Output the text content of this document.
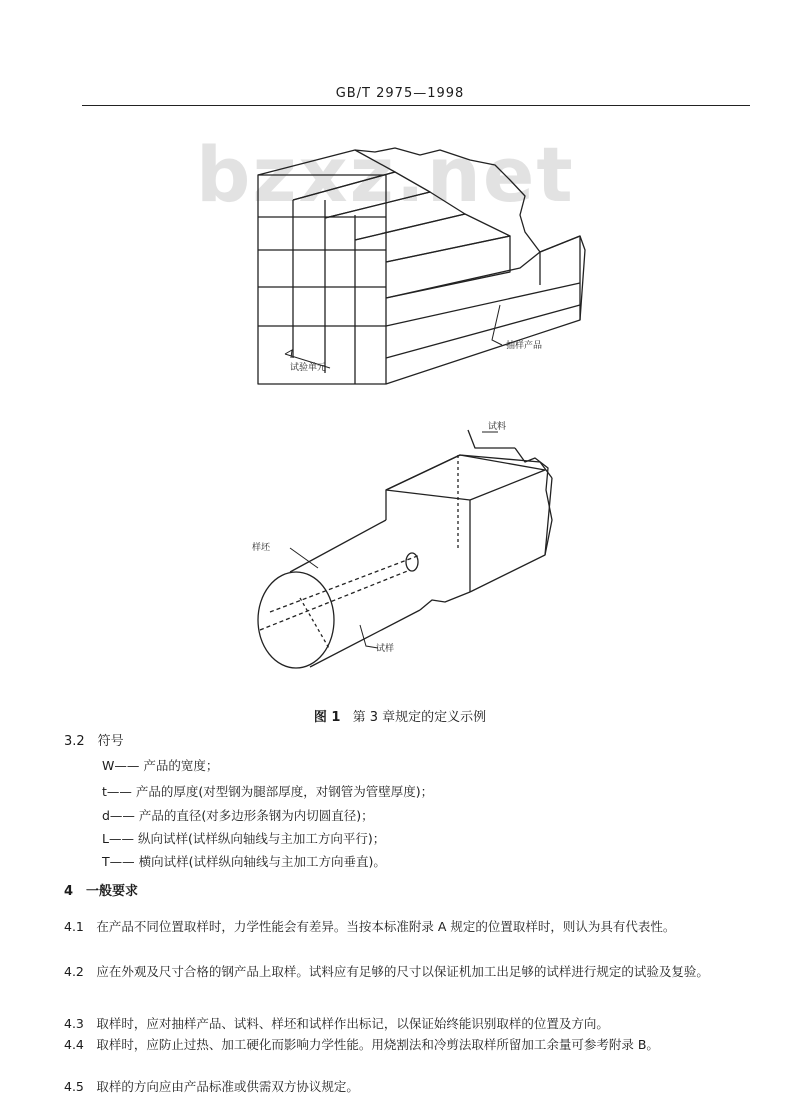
GB/T 2975—1998
bzxz.net
试验单元
抽样产品
试料
样坯
试样
图 1 第 3 章规定的定义示例
3.2　符号
W—— 产品的宽度；
t—— 产品的厚度(对型钢为腿部厚度，对钢管为管壁厚度)；
d—— 产品的直径(对多边形条钢为内切圆直径)；
L—— 纵向试样(试样纵向轴线与主加工方向平行)；
T—— 横向试样(试样纵向轴线与主加工方向垂直)。
4　一般要求
4.1　在产品不同位置取样时，力学性能会有差异。当按本标准附录 A 规定的位置取样时，则认为具有代表性。
4.2　应在外观及尺寸合格的钢产品上取样。试料应有足够的尺寸以保证机加工出足够的试样进行规定的试验及复验。
4.3　取样时，应对抽样产品、试料、样坯和试样作出标记，以保证始终能识别取样的位置及方向。
4.4　取样时，应防止过热、加工硬化而影响力学性能。用烧割法和冷剪法取样所留加工余量可参考附录 B。
4.5　取样的方向应由产品标准或供需双方协议规定。
